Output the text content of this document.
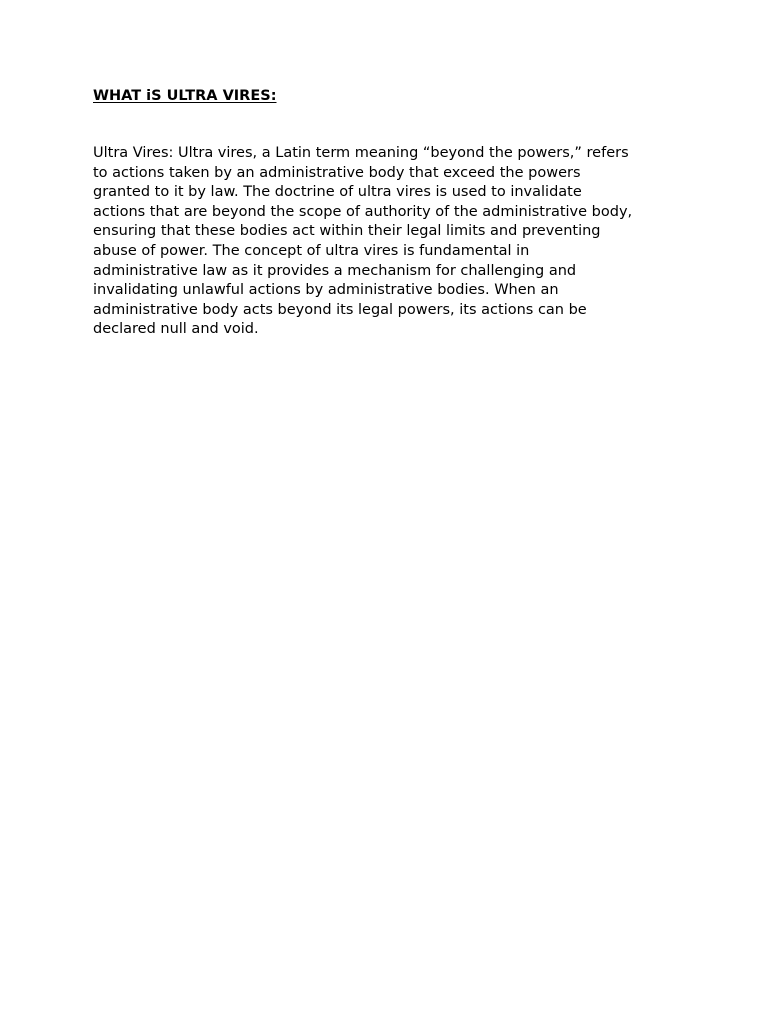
WHAT iS ULTRA VIRES:

Ultra Vires: Ultra vires, a Latin term meaning “beyond the powers,” refers
to actions taken by an administrative body that exceed the powers
granted to it by law. The doctrine of ultra vires is used to invalidate
actions that are beyond the scope of authority of the administrative body,
ensuring that these bodies act within their legal limits and preventing
abuse of power. The concept of ultra vires is fundamental in
administrative law as it provides a mechanism for challenging and
invalidating unlawful actions by administrative bodies. When an
administrative body acts beyond its legal powers, its actions can be
declared null and void.
